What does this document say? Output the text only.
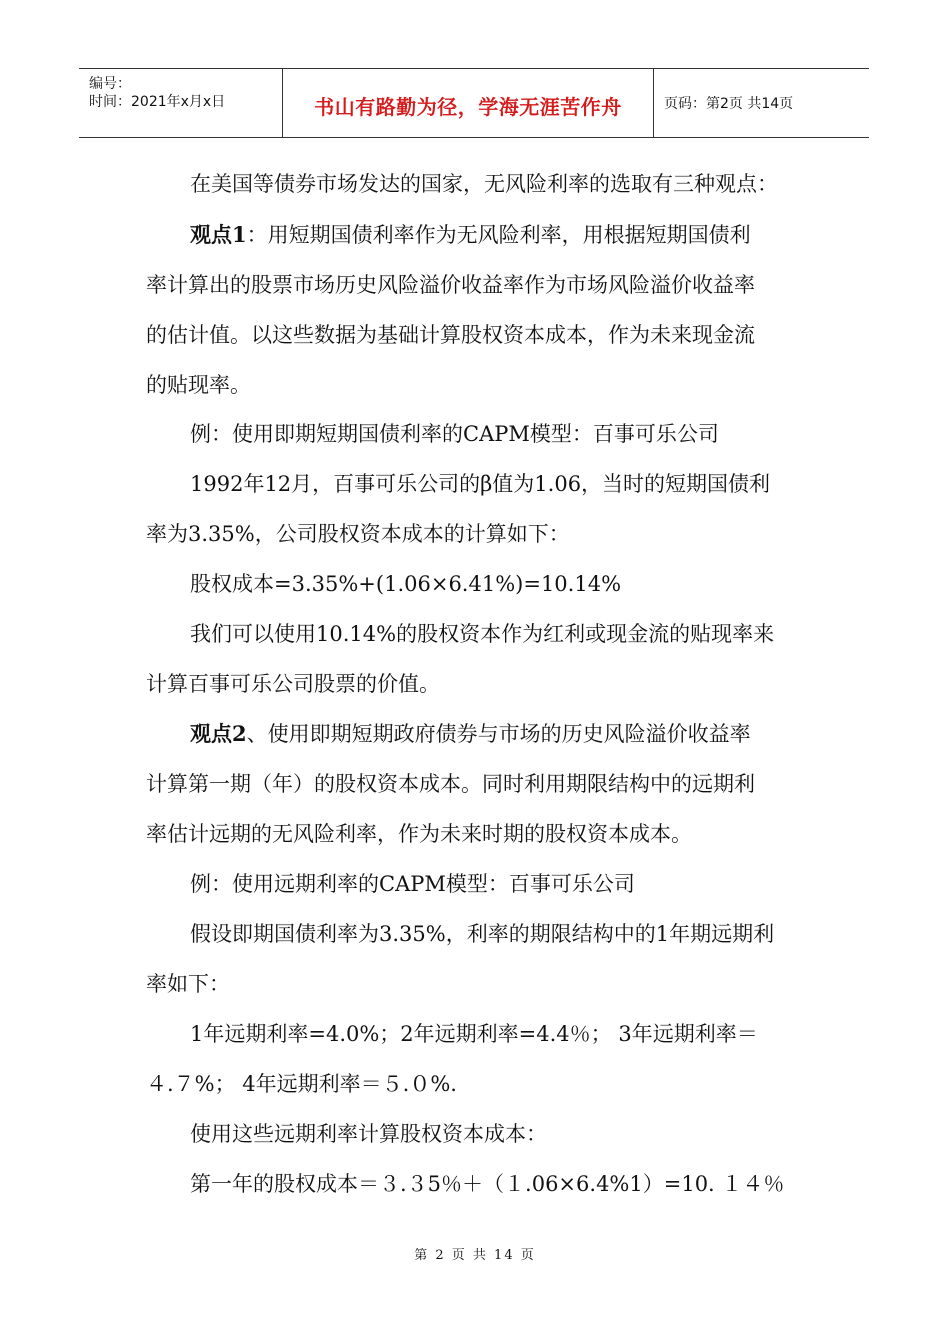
编号：
时间：2021年x月x日	书山有路勤为径，学海无涯苦作舟	页码：第2页 共14页
在美国等债券市场发达的国家，无风险利率的选取有三种观点：
观点1：用短期国债利率作为无风险利率，用根据短期国债利
率计算出的股票市场历史风险溢价收益率作为市场风险溢价收益率
的估计值。以这些数据为基础计算股权资本成本，作为未来现金流
的贴现率。
例：使用即期短期国债利率的CAPM模型：百事可乐公司
1992年12月，百事可乐公司的β值为1.06，当时的短期国债利
率为3.35%，公司股权资本成本的计算如下：
股权成本=3.35%+(1.06×6.41%)=10.14%
我们可以使用10.14%的股权资本作为红利或现金流的贴现率来
计算百事可乐公司股票的价值。
观点2、使用即期短期政府债券与市场的历史风险溢价收益率
计算第一期（年）的股权资本成本。同时利用期限结构中的远期利
率估计远期的无风险利率，作为未来时期的股权资本成本。
例：使用远期利率的CAPM模型：百事可乐公司
假设即期国债利率为3.35%，利率的期限结构中的1年期远期利
率如下：
1年远期利率=4.0%；2年远期利率=4.4％； 3年远期利率＝
４.７%； 4年远期利率＝５.０%.
使用这些远期利率计算股权资本成本：
第一年的股权成本＝３.３5％＋（１.06×6.4%1）=10. １４％
第 2 页 共 14 页
